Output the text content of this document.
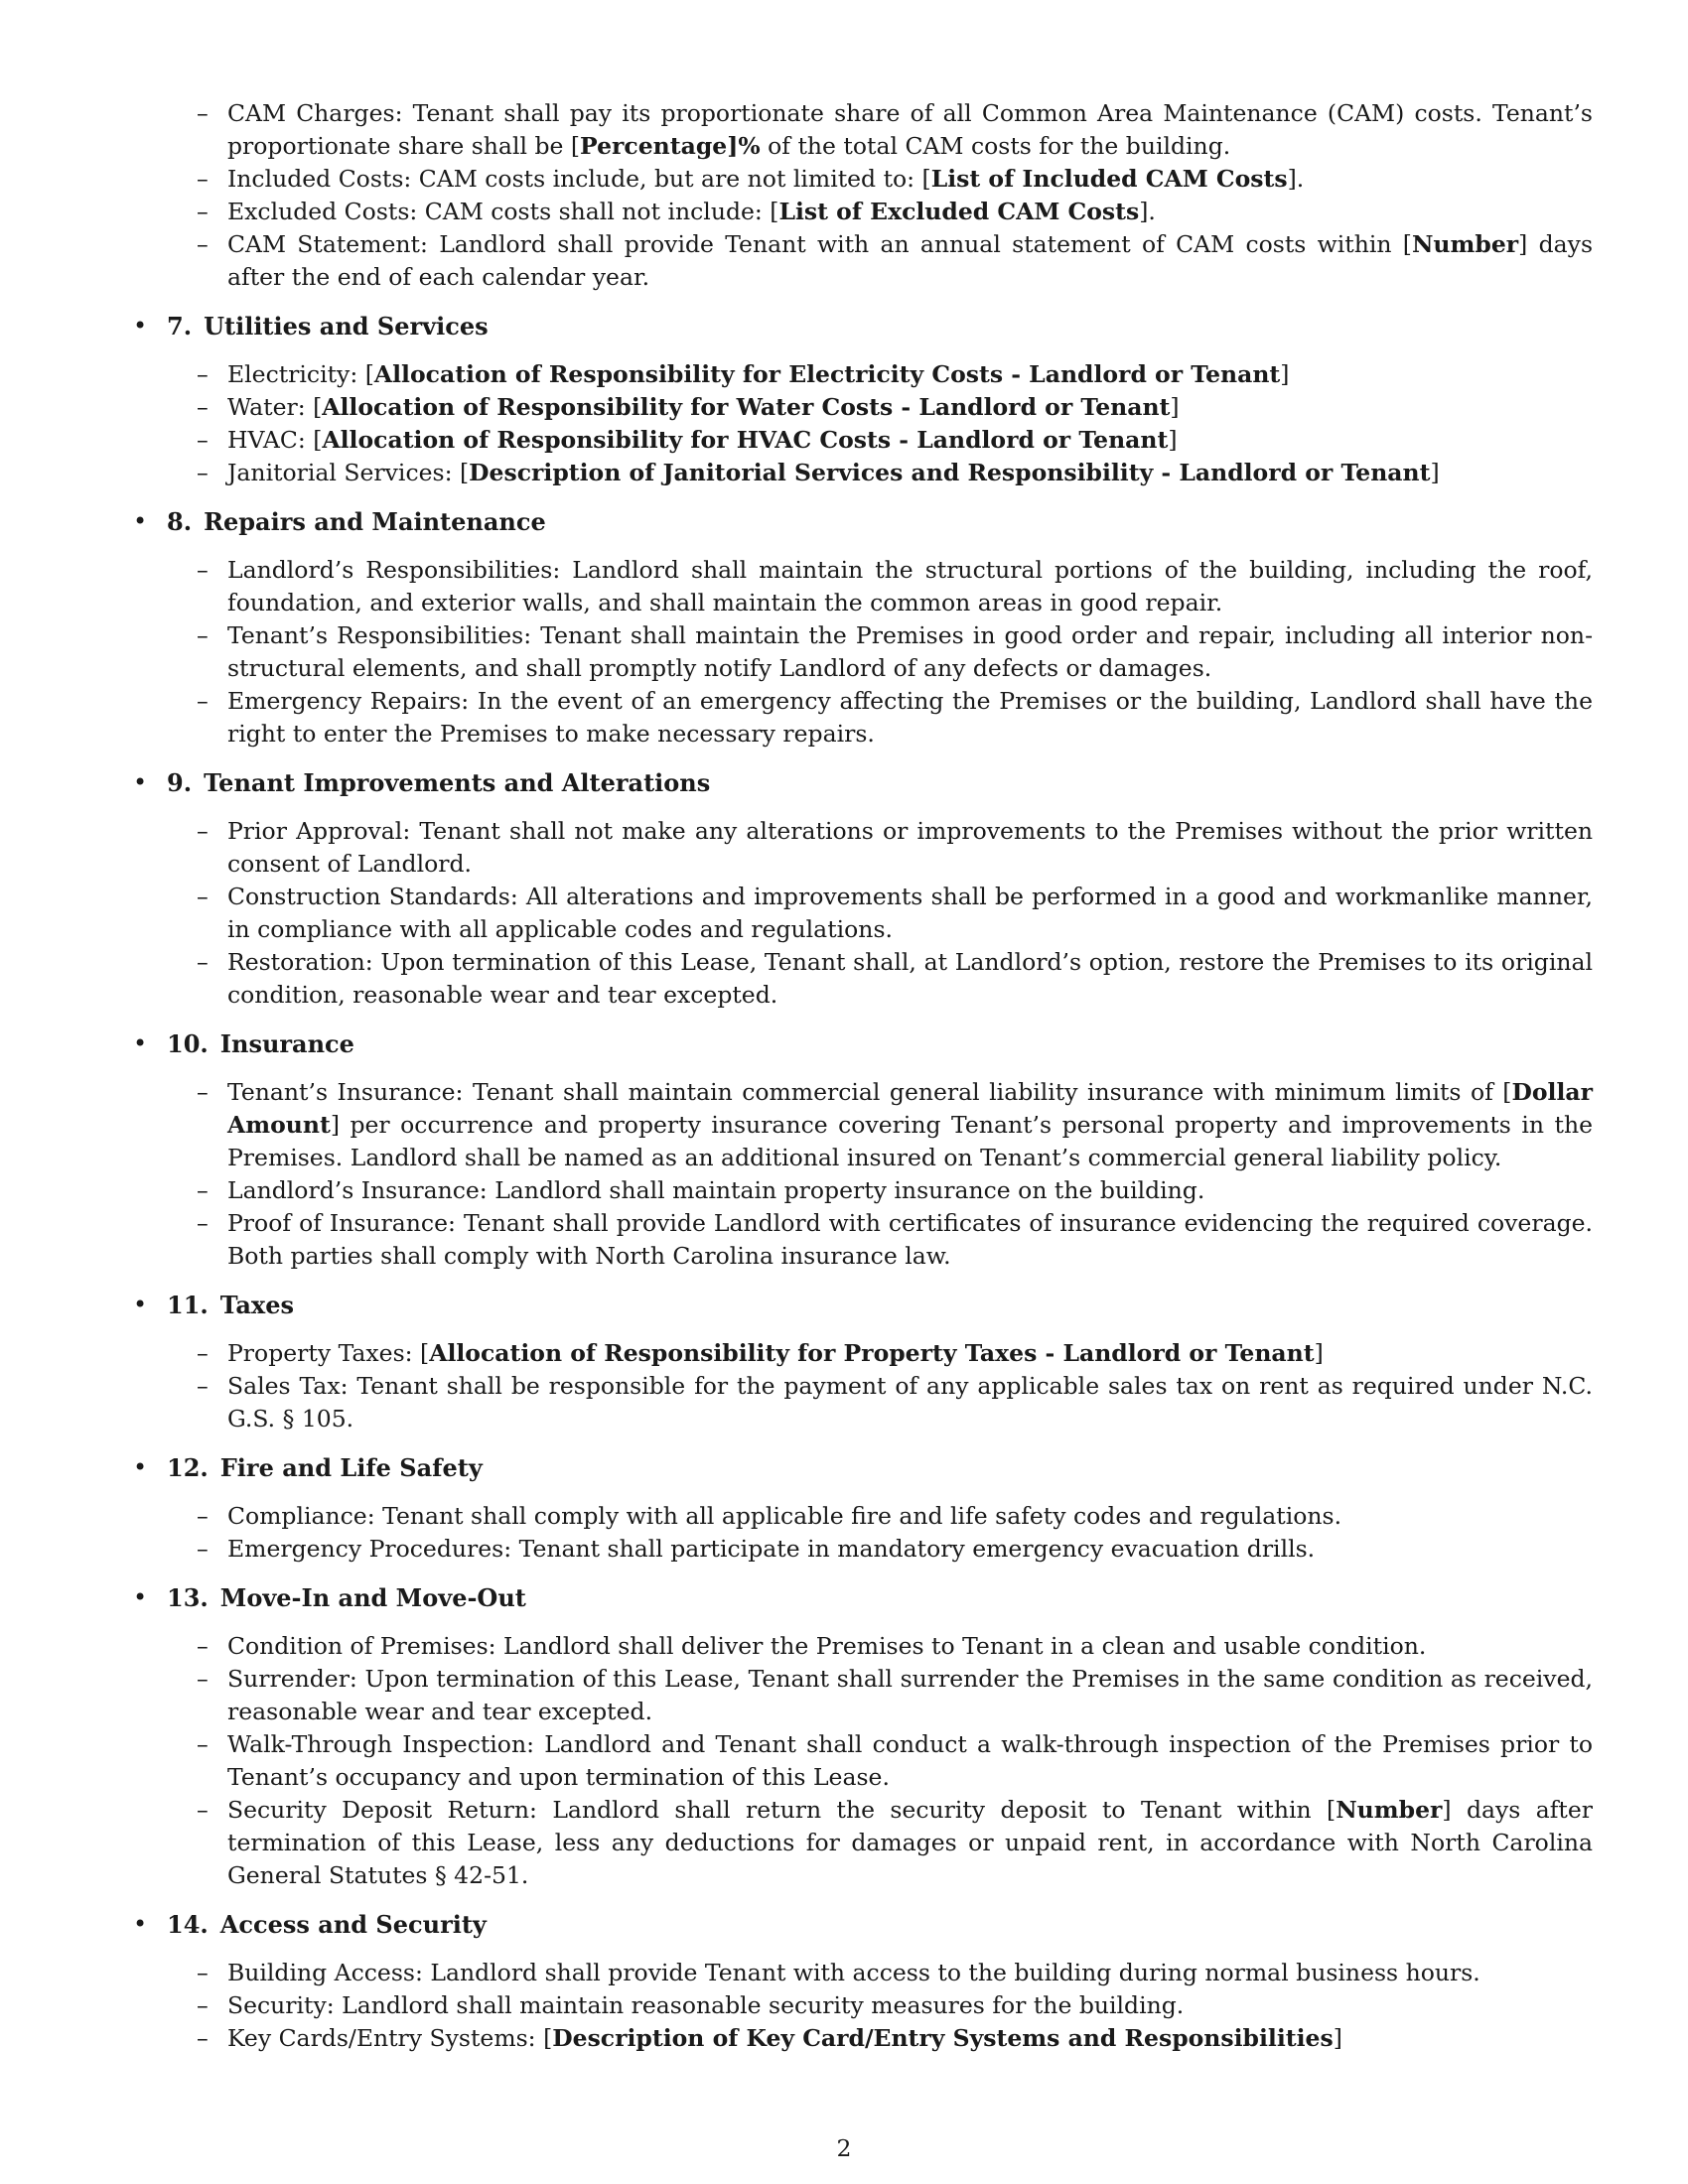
– CAM Charges: Tenant shall pay its proportionate share of all Common Area Maintenance (CAM) costs. Tenant’s proportionate share shall be [Percentage]% of the total CAM costs for the building.
– Included Costs: CAM costs include, but are not limited to: [List of Included CAM Costs].
– Excluded Costs: CAM costs shall not include: [List of Excluded CAM Costs].
– CAM Statement: Landlord shall provide Tenant with an annual statement of CAM costs within [Number] days after the end of each calendar year.
• 7. Utilities and Services
– Electricity: [Allocation of Responsibility for Electricity Costs - Landlord or Tenant]
– Water: [Allocation of Responsibility for Water Costs - Landlord or Tenant]
– HVAC: [Allocation of Responsibility for HVAC Costs - Landlord or Tenant]
– Janitorial Services: [Description of Janitorial Services and Responsibility - Landlord or Tenant]
• 8. Repairs and Maintenance
– Landlord’s Responsibilities: Landlord shall maintain the structural portions of the building, including the roof, foundation, and exterior walls, and shall maintain the common areas in good repair.
– Tenant’s Responsibilities: Tenant shall maintain the Premises in good order and repair, including all interior non-structural elements, and shall promptly notify Landlord of any defects or damages.
– Emergency Repairs: In the event of an emergency affecting the Premises or the building, Landlord shall have the right to enter the Premises to make necessary repairs.
• 9. Tenant Improvements and Alterations
– Prior Approval: Tenant shall not make any alterations or improvements to the Premises without the prior written consent of Landlord.
– Construction Standards: All alterations and improvements shall be performed in a good and workmanlike manner, in compliance with all applicable codes and regulations.
– Restoration: Upon termination of this Lease, Tenant shall, at Landlord’s option, restore the Premises to its original condition, reasonable wear and tear excepted.
• 10. Insurance
– Tenant’s Insurance: Tenant shall maintain commercial general liability insurance with minimum limits of [Dollar Amount] per occurrence and property insurance covering Tenant’s personal property and improvements in the Premises. Landlord shall be named as an additional insured on Tenant’s commercial general liability policy.
– Landlord’s Insurance: Landlord shall maintain property insurance on the building.
– Proof of Insurance: Tenant shall provide Landlord with certificates of insurance evidencing the required coverage. Both parties shall comply with North Carolina insurance law.
• 11. Taxes
– Property Taxes: [Allocation of Responsibility for Property Taxes - Landlord or Tenant]
– Sales Tax: Tenant shall be responsible for the payment of any applicable sales tax on rent as required under N.C. G.S. § 105.
• 12. Fire and Life Safety
– Compliance: Tenant shall comply with all applicable fire and life safety codes and regulations.
– Emergency Procedures: Tenant shall participate in mandatory emergency evacuation drills.
• 13. Move-In and Move-Out
– Condition of Premises: Landlord shall deliver the Premises to Tenant in a clean and usable condition.
– Surrender: Upon termination of this Lease, Tenant shall surrender the Premises in the same condition as received, reasonable wear and tear excepted.
– Walk-Through Inspection: Landlord and Tenant shall conduct a walk-through inspection of the Premises prior to Tenant’s occupancy and upon termination of this Lease.
– Security Deposit Return: Landlord shall return the security deposit to Tenant within [Number] days after termination of this Lease, less any deductions for damages or unpaid rent, in accordance with North Carolina General Statutes § 42-51.
• 14. Access and Security
– Building Access: Landlord shall provide Tenant with access to the building during normal business hours.
– Security: Landlord shall maintain reasonable security measures for the building.
– Key Cards/Entry Systems: [Description of Key Card/Entry Systems and Responsibilities]
2
